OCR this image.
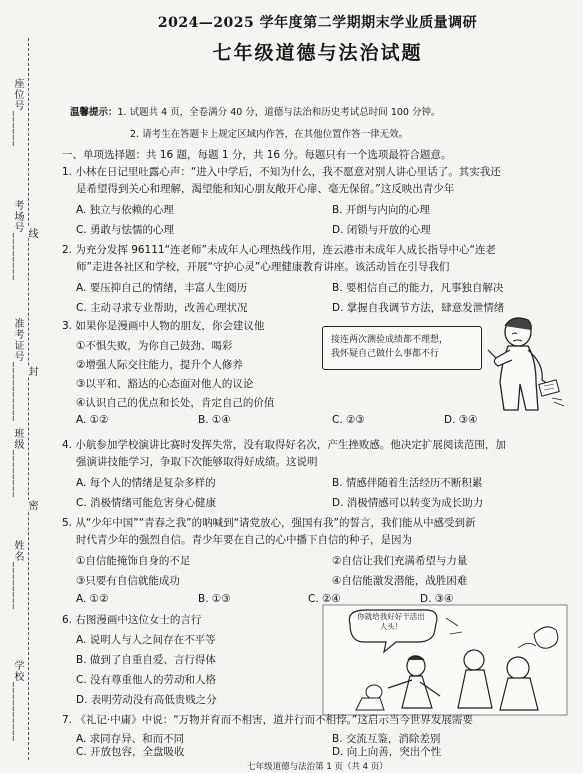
座位号______
考场号________
准考证号__________
班级________
姓名________
学校__________
线
封
密
2024—2025 学年度第二学期期末学业质量调研
七年级道德与法治试题
温馨提示：1. 试题共 4 页，全卷满分 40 分，道德与法治和历史考试总时间 100 分钟。
2. 请考生在答题卡上规定区域内作答，在其他位置作答一律无效。
一、单项选择题：共 16 题，每题 1 分，共 16 分。每题只有一个选项最符合题意。
1. 小林在日记里吐露心声：“进入中学后，不知为什么，我不愿意对别人讲心里话了。其实我还
是希望得到关心和理解，渴望能和知心朋友敞开心扉、毫无保留。”这反映出青少年
A. 独立与依赖的心理	B. 开朗与内向的心理
C. 勇敢与怯懦的心理	D. 闭锁与开放的心理
2. 为充分发挥 96111“连老师”未成年人心理热线作用，连云港市未成年人成长指导中心“连老
师”走进各社区和学校，开展“守护心灵”心理健康教育讲座。该活动旨在引导我们
A. 要压抑自己的情绪，丰富人生阅历	B. 要相信自己的能力，凡事独自解决
C. 主动寻求专业帮助，改善心理状况	D. 掌握自我调节方法，肆意发泄情绪
3. 如果你是漫画中人物的朋友，你会建议他
①不惧失败，为你自己鼓劲、喝彩
②增强人际交往能力，提升个人修养
③以平和、豁达的心态面对他人的议论
④认识自己的优点和长处，肯定自己的价值
A. ①②	B. ①④	C. ②③	D. ③④
接连两次测验成绩都不理想，
我怀疑自己做什么事都不行
4. 小航参加学校演讲比赛时发挥失常，没有取得好名次，产生挫败感。他决定扩展阅读范围，加
强演讲技能学习，争取下次能够取得好成绩。这说明
A. 每个人的情绪是复杂多样的	B. 情感伴随着生活经历不断积累
C. 消极情绪可能危害身心健康	D. 消极情感可以转变为成长助力
5. 从“少年中国”“青春之我”的呐喊到“请党放心，强国有我”的誓言，我们能从中感受到新
时代青少年的强烈自信。青少年要在自己的心中播下自信的种子，是因为
①自信能掩饰自身的不足	②自信让我们充满希望与力量
③只要有自信就能成功	④自信能激发潜能，战胜困难
A. ①②	B. ①③	C. ②④	D. ③④
6. 右图漫画中这位女士的言行
A. 说明人与人之间存在不平等
B. 做到了自重自爱、言行得体
C. 没有尊重他人的劳动和人格
D. 表明劳动没有高低贵贱之分
你就给我好好干活出人头！
7. 《礼记·中庸》中说：“万物并育而不相害，道并行而不相悖。”这启示当今世界发展需要
A. 求同存异、和而不同	B. 交流互鉴，消除差别
七年级道德与法治第 1 页（共 4 页）
C. 开放包容，全盘吸收	D. 向上向善，突出个性
